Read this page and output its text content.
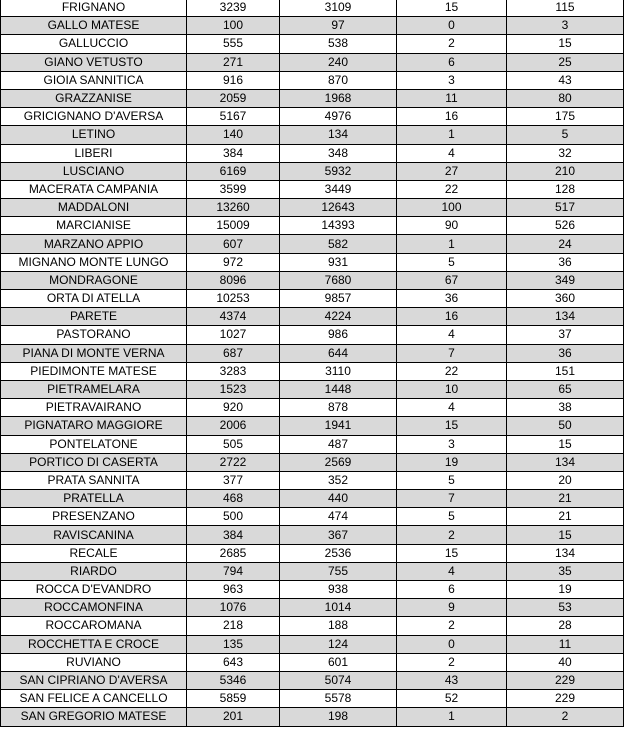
FRIGNANO	3239	3109	15	115
GALLO MATESE	100	97	0	3
GALLUCCIO	555	538	2	15
GIANO VETUSTO	271	240	6	25
GIOIA SANNITICA	916	870	3	43
GRAZZANISE	2059	1968	11	80
GRICIGNANO D'AVERSA	5167	4976	16	175
LETINO	140	134	1	5
LIBERI	384	348	4	32
LUSCIANO	6169	5932	27	210
MACERATA CAMPANIA	3599	3449	22	128
MADDALONI	13260	12643	100	517
MARCIANISE	15009	14393	90	526
MARZANO APPIO	607	582	1	24
MIGNANO MONTE LUNGO	972	931	5	36
MONDRAGONE	8096	7680	67	349
ORTA DI ATELLA	10253	9857	36	360
PARETE	4374	4224	16	134
PASTORANO	1027	986	4	37
PIANA DI MONTE VERNA	687	644	7	36
PIEDIMONTE MATESE	3283	3110	22	151
PIETRAMELARA	1523	1448	10	65
PIETRAVAIRANO	920	878	4	38
PIGNATARO MAGGIORE	2006	1941	15	50
PONTELATONE	505	487	3	15
PORTICO DI CASERTA	2722	2569	19	134
PRATA SANNITA	377	352	5	20
PRATELLA	468	440	7	21
PRESENZANO	500	474	5	21
RAVISCANINA	384	367	2	15
RECALE	2685	2536	15	134
RIARDO	794	755	4	35
ROCCA D'EVANDRO	963	938	6	19
ROCCAMONFINA	1076	1014	9	53
ROCCAROMANA	218	188	2	28
ROCCHETTA E CROCE	135	124	0	11
RUVIANO	643	601	2	40
SAN CIPRIANO D'AVERSA	5346	5074	43	229
SAN FELICE A CANCELLO	5859	5578	52	229
SAN GREGORIO MATESE	201	198	1	2
